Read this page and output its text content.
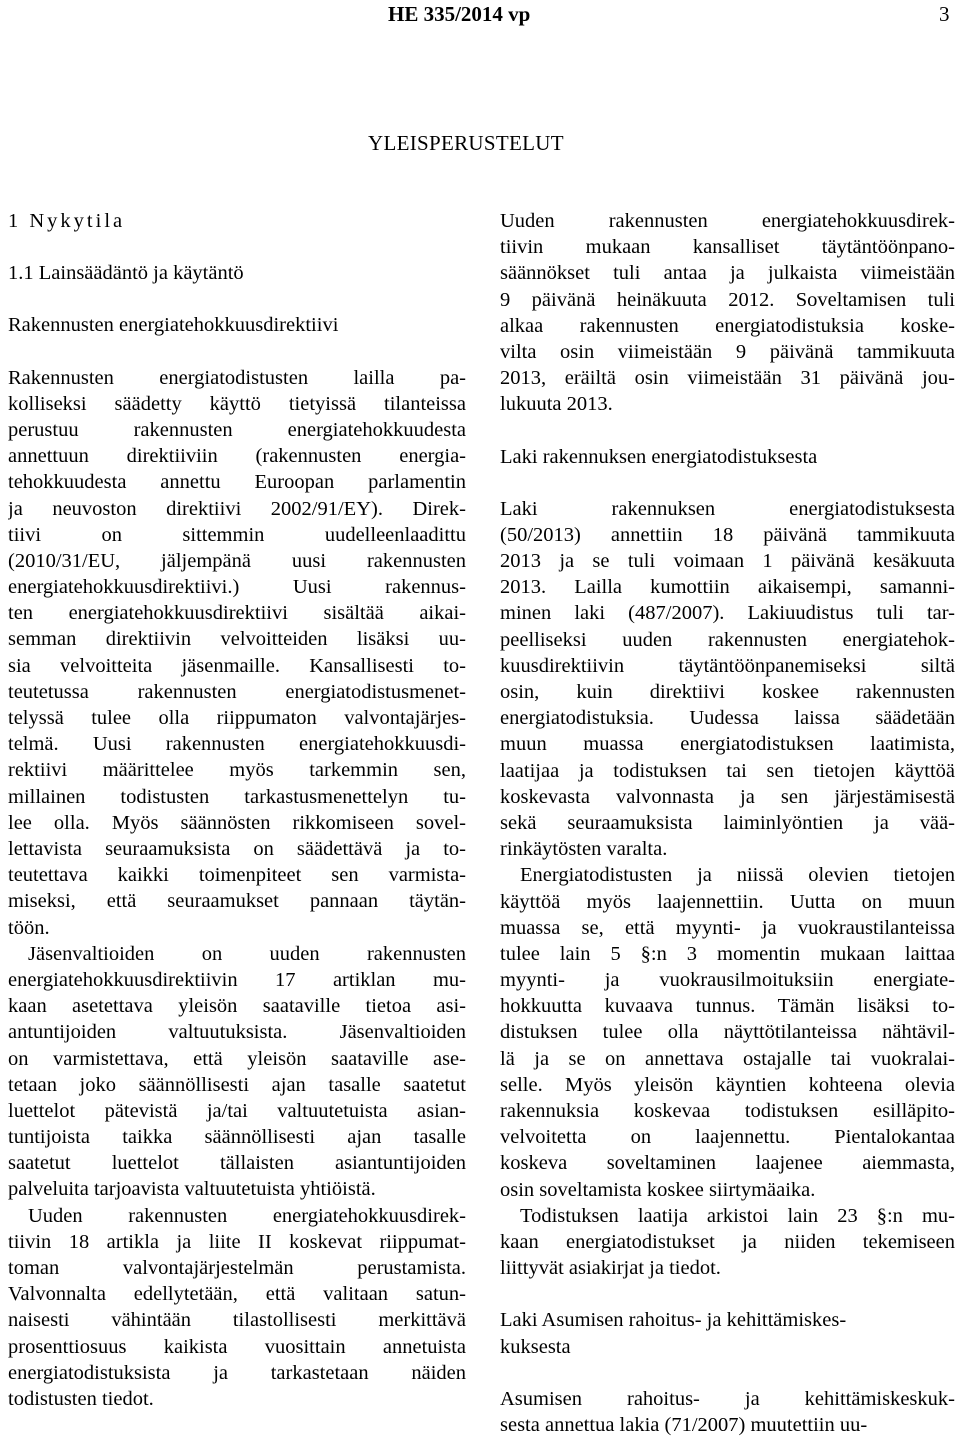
HE 335/2014 vp	3
YLEISPERUSTELUT
1 Nykytila
1.1 Lainsäädäntö ja käytäntö
Rakennusten energiatehokkuusdirektiivi
Rakennusten energiatodistusten lailla pa-
kolliseksi säädetty käyttö tietyissä tilanteissa
perustuu rakennusten energiatehokkuudesta
annettuun direktiiviin (rakennusten energia-
tehokkuudesta annettu Euroopan parlamentin
ja neuvoston direktiivi 2002/91/EY). Direk-
tiivi on sittemmin uudelleenlaadittu
(2010/31/EU, jäljempänä uusi rakennusten
energiatehokkuusdirektiivi.) Uusi rakennus-
ten energiatehokkuusdirektiivi sisältää aikai-
semman direktiivin velvoitteiden lisäksi uu-
sia velvoitteita jäsenmaille. Kansallisesti to-
teutetussa rakennusten energiatodistusmenet-
telyssä tulee olla riippumaton valvontajärjes-
telmä. Uusi rakennusten energiatehokkuusdi-
rektiivi määrittelee myös tarkemmin sen,
millainen todistusten tarkastusmenettelyn tu-
lee olla. Myös säännösten rikkomiseen sovel-
lettavista seuraamuksista on säädettävä ja to-
teutettava kaikki toimenpiteet sen varmista-
miseksi, että seuraamukset pannaan täytän-
töön.
Jäsenvaltioiden on uuden rakennusten
energiatehokkuusdirektiivin 17 artiklan mu-
kaan asetettava yleisön saataville tietoa asi-
antuntijoiden valtuutuksista. Jäsenvaltioiden
on varmistettava, että yleisön saataville ase-
tetaan joko säännöllisesti ajan tasalle saatetut
luettelot pätevistä ja/tai valtuutetuista asian-
tuntijoista taikka säännöllisesti ajan tasalle
saatetut luettelot tällaisten asiantuntijoiden
palveluita tarjoavista valtuutetuista yhtiöistä.
Uuden rakennusten energiatehokkuusdirek-
tiivin 18 artikla ja liite II koskevat riippumat-
toman valvontajärjestelmän perustamista.
Valvonnalta edellytetään, että valitaan satun-
naisesti vähintään tilastollisesti merkittävä
prosenttiosuus kaikista vuosittain annetuista
energiatodistuksista ja tarkastetaan näiden
todistusten tiedot.
Uuden rakennusten energiatehokkuusdirek-
tiivin mukaan kansalliset täytäntöönpano-
säännökset tuli antaa ja julkaista viimeistään
9 päivänä heinäkuuta 2012. Soveltamisen tuli
alkaa rakennusten energiatodistuksia koske-
vilta osin viimeistään 9 päivänä tammikuuta
2013, eräiltä osin viimeistään 31 päivänä jou-
lukuuta 2013.
Laki rakennuksen energiatodistuksesta
Laki rakennuksen energiatodistuksesta
(50/2013) annettiin 18 päivänä tammikuuta
2013 ja se tuli voimaan 1 päivänä kesäkuuta
2013. Lailla kumottiin aikaisempi, samanni-
minen laki (487/2007). Lakiuudistus tuli tar-
peelliseksi uuden rakennusten energiatehok-
kuusdirektiivin täytäntöönpanemiseksi siltä
osin, kuin direktiivi koskee rakennusten
energiatodistuksia. Uudessa laissa säädetään
muun muassa energiatodistuksen laatimista,
laatijaa ja todistuksen tai sen tietojen käyttöä
koskevasta valvonnasta ja sen järjestämisestä
sekä seuraamuksista laiminlyöntien ja vää-
rinkäytösten varalta.
Energiatodistusten ja niissä olevien tietojen
käyttöä myös laajennettiin. Uutta on muun
muassa se, että myynti- ja vuokraustilanteissa
tulee lain 5 §:n 3 momentin mukaan laittaa
myynti- ja vuokrausilmoituksiin energiate-
hokkuutta kuvaava tunnus. Tämän lisäksi to-
distuksen tulee olla näyttötilanteissa nähtävil-
lä ja se on annettava ostajalle tai vuokralai-
selle. Myös yleisön käyntien kohteena olevia
rakennuksia koskevaa todistuksen esilläpito-
velvoitetta on laajennettu. Pientalokantaa
koskeva soveltaminen laajenee aiemmasta,
osin soveltamista koskee siirtymäaika.
Todistuksen laatija arkistoi lain 23 §:n mu-
kaan energiatodistukset ja niiden tekemiseen
liittyvät asiakirjat ja tiedot.
Laki Asumisen rahoitus- ja kehittämiskes-
kuksesta
Asumisen rahoitus- ja kehittämiskeskuk-
sesta annettua lakia (71/2007) muutettiin uu-
